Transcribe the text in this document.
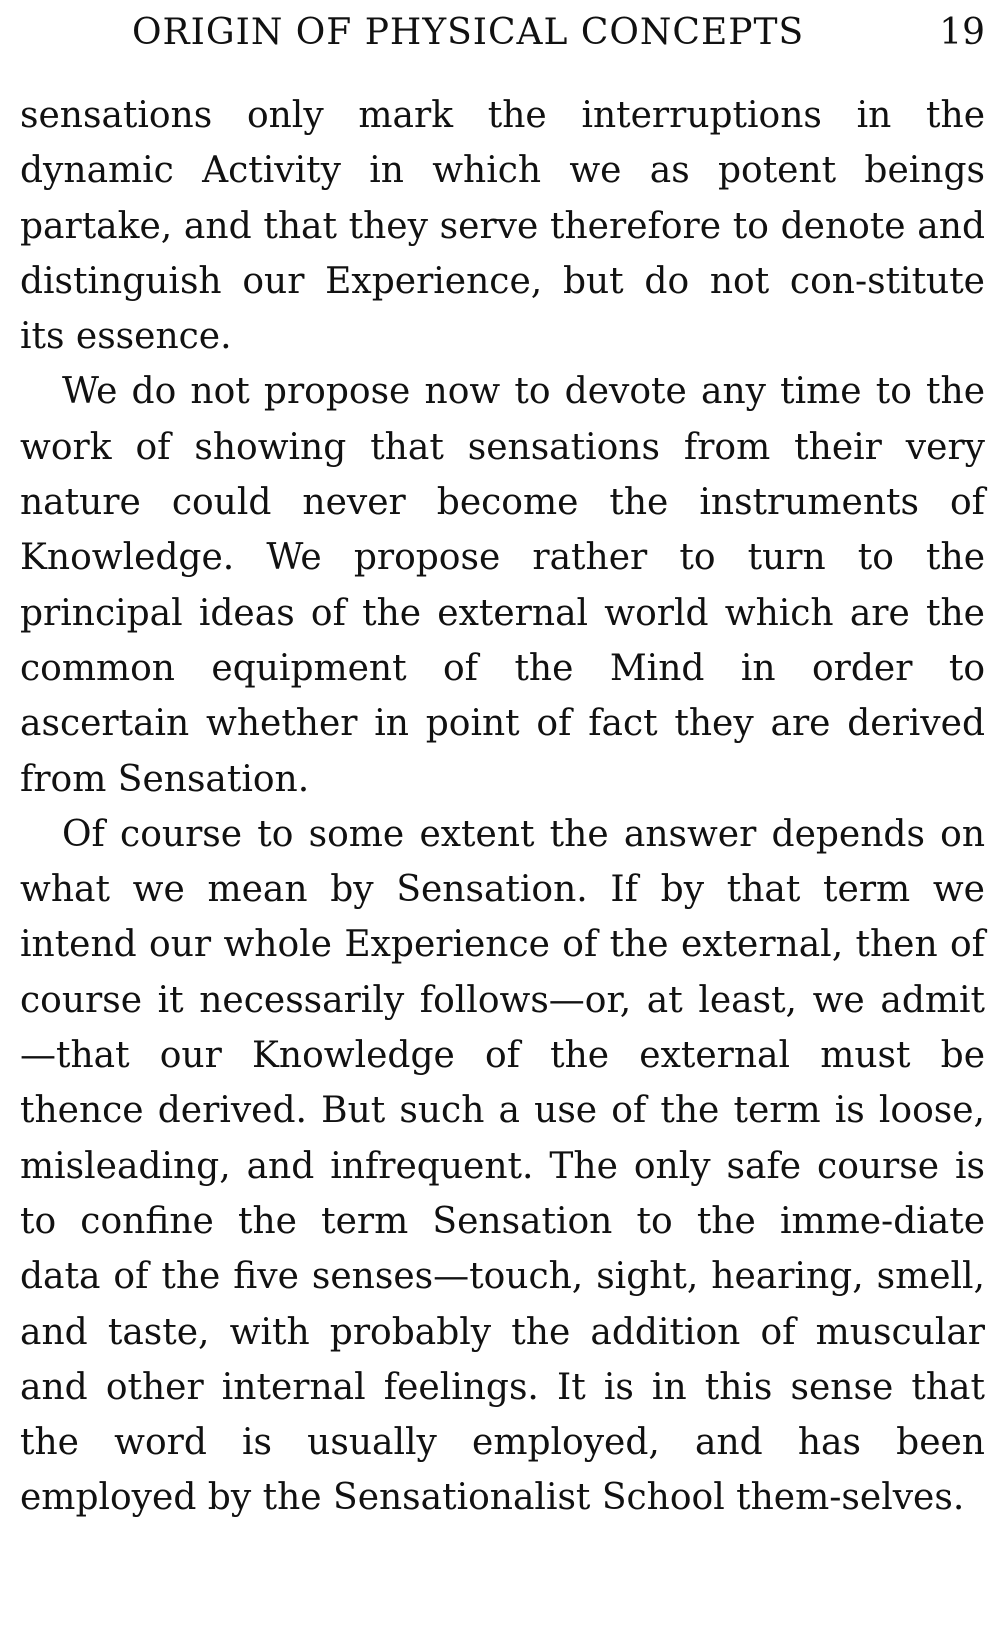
ORIGIN OF PHYSICAL CONCEPTS	19

sensations only mark the interruptions in the dynamic Activity in which we as potent beings partake, and that they serve therefore to denote and distinguish our Experience, but do not con-stitute its essence.

We do not propose now to devote any time to the work of showing that sensations from their very nature could never become the instruments of Knowledge. We propose rather to turn to the principal ideas of the external world which are the common equipment of the Mind in order to ascertain whether in point of fact they are derived from Sensation.

Of course to some extent the answer depends on what we mean by Sensation. If by that term we intend our whole Experience of the external, then of course it necessarily follows—or, at least, we admit—that our Knowledge of the external must be thence derived. But such a use of the term is loose, misleading, and infrequent. The only safe course is to confine the term Sensation to the imme-diate data of the five senses—touch, sight, hearing, smell, and taste, with probably the addition of muscular and other internal feelings. It is in this sense that the word is usually employed, and has been employed by the Sensationalist School them-selves.
